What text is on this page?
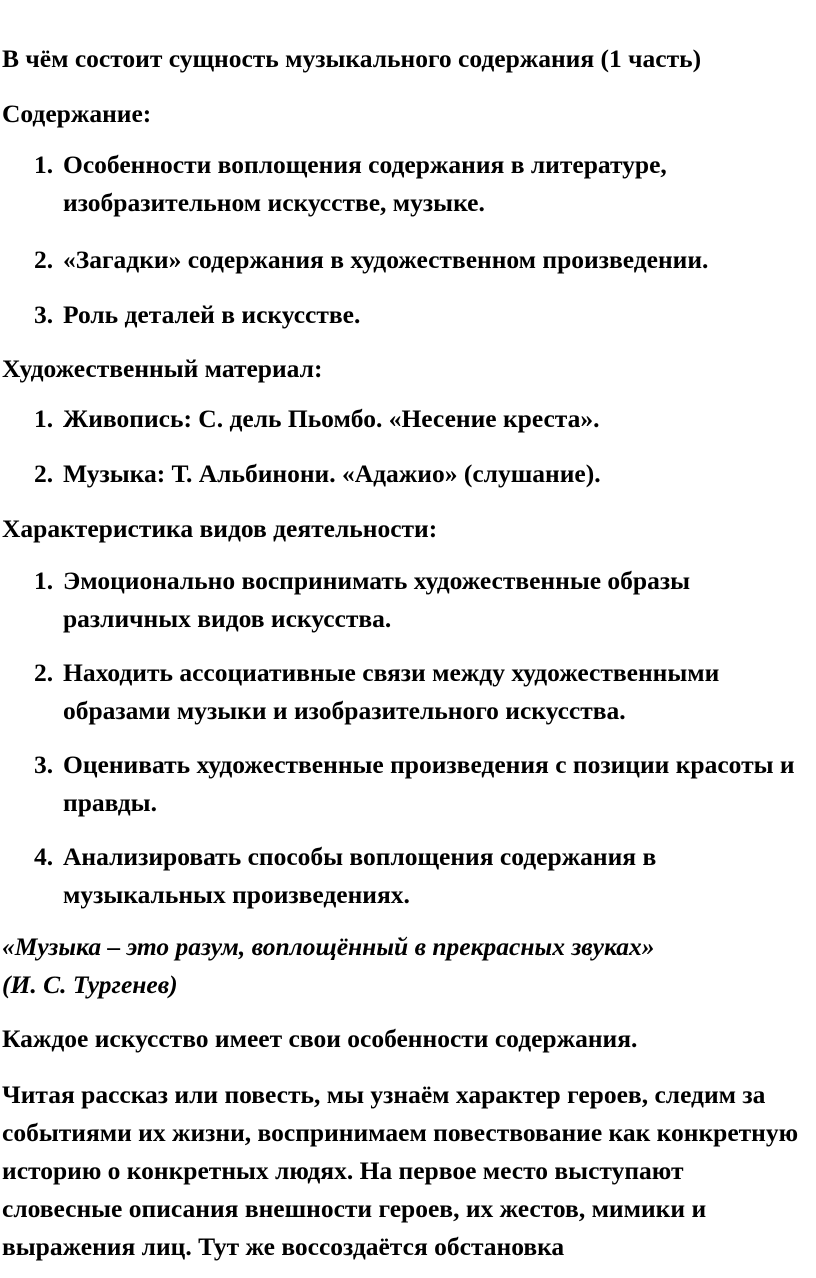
В чём состоит сущность музыкального содержания (1 часть)
Содержание:
1. Особенности воплощения содержания в литературе, изобразительном искусстве, музыке.
2. «Загадки» содержания в художественном произведении.
3. Роль деталей в искусстве.
Художественный материал:
1. Живопись: С. дель Пьомбо. «Несение креста».
2. Музыка: Т. Альбинони. «Адажио» (слушание).
Характеристика видов деятельности:
1. Эмоционально воспринимать художественные образы различных видов искусства.
2. Находить ассоциативные связи между художественными образами музыки и изобразительного искусства.
3. Оценивать художественные произведения с позиции красоты и правды.
4. Анализировать способы воплощения содержания в музыкальных произведениях.
«Музыка – это разум, воплощённый в прекрасных звуках»
(И. С. Тургенев)
Каждое искусство имеет свои особенности содержания.
Читая рассказ или повесть, мы узнаём характер героев, следим за событиями их жизни, воспринимаем повествование как конкретную историю о конкретных людях. На первое место выступают словесные описания внешности героев, их жестов, мимики и выражения лиц. Тут же воссоздаётся обстановка
